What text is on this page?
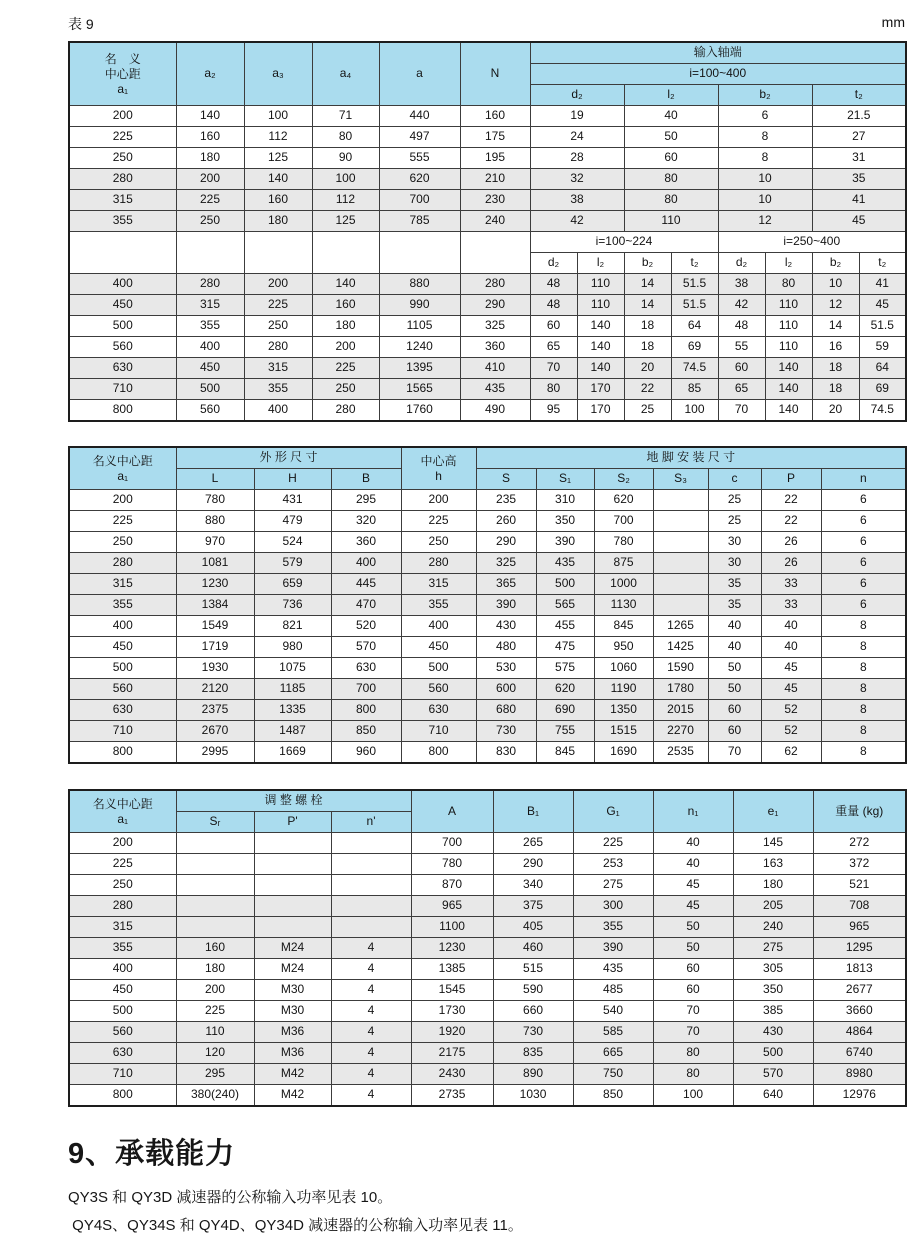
表 9	mm
名　义
中心距
a₁	a₂	a₃	a₄	a	N	输入轴端							
						i=100~400							
						d₂		l₂		b₂		t₂	
200	140	100	71	440	160	19		40		6		21.5	
225	160	112	80	497	175	24		50		8		27	
250	180	125	90	555	195	28		60		8		31	
280	200	140	100	620	210	32		80		10		35	
315	225	160	112	700	230	38		80		10		41	
355	250	180	125	785	240	42		110		12		45	
						i=100~224				i=250~400			
						d₂	l₂	b₂	t₂	d₂	l₂	b₂	t₂
400	280	200	140	880	280	48	110	14	51.5	38	80	10	41
450	315	225	160	990	290	48	110	14	51.5	42	110	12	45
500	355	250	180	1105	325	60	140	18	64	48	110	14	51.5
560	400	280	200	1240	360	65	140	18	69	55	110	16	59
630	450	315	225	1395	410	70	140	20	74.5	60	140	18	64
710	500	355	250	1565	435	80	170	22	85	65	140	18	69
800	560	400	280	1760	490	95	170	25	100	70	140	20	74.5
名义中心距
a₁
	外 形 尺 寸	中心高
h
	地 脚 安 装 尺 寸
	L	H	B		S	S₁	S₂	S₃	c	P	n
200	780	431	295	200	235	310	620		25	22	6
225	880	479	320	225	260	350	700		25	22	6
250	970	524	360	250	290	390	780		30	26	6
280	1081	579	400	280	325	435	875		30	26	6
315	1230	659	445	315	365	500	1000		35	33	6
355	1384	736	470	355	390	565	1130		35	33	6
400	1549	821	520	400	430	455	845	1265	40	40	8
450	1719	980	570	450	480	475	950	1425	40	40	8
500	1930	1075	630	500	530	575	1060	1590	50	45	8
560	2120	1185	700	560	600	620	1190	1780	50	45	8
630	2375	1335	800	630	680	690	1350	2015	60	52	8
710	2670	1487	850	710	730	755	1515	2270	60	52	8
800	2995	1669	960	800	830	845	1690	2535	70	62	8
名义中心距
a₁	调 整 螺 栓			A	B₁	G₁	n₁	e₁	重量 (kg)
	Sᵣ	P'	n'						
200				700	265	225	40	145	272
225				780	290	253	40	163	372
250				870	340	275	45	180	521
280				965	375	300	45	205	708
315				1100	405	355	50	240	965
355	160	M24	4	1230	460	390	50	275	1295
400	180	M24	4	1385	515	435	60	305	1813
450	200	M30	4	1545	590	485	60	350	2677
500	225	M30	4	1730	660	540	70	385	3660
560	110	M36	4	1920	730	585	70	430	4864
630	120	M36	4	2175	835	665	80	500	6740
710	295	M42	4	2430	890	750	80	570	8980
800	380(240)	M42	4	2735	1030	850	100	640	12976
9、承载能力

QY3S 和 QY3D 减速器的公称输入功率见表 10。

QY4S、QY34S 和 QY4D、QY34D 减速器的公称输入功率见表 11。
